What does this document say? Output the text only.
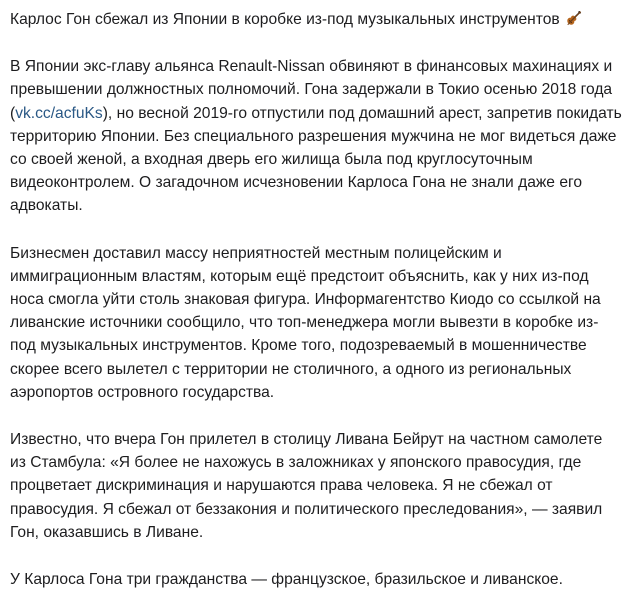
Карлос Гон сбежал из Японии в коробке из-под музыкальных инструментов

В Японии экс-главу альянса Renault-Nissan обвиняют в финансовых махинациях и превышении должностных полномочий. Гона задержали в Токио осенью 2018 года (vk.cc/acfuKs), но весной 2019-го отпустили под домашний арест, запретив покидать территорию Японии. Без специального разрешения мужчина не мог видеться даже со своей женой, а входная дверь его жилища была под круглосуточным видеоконтролем. О загадочном исчезновении Карлоса Гона не знали даже его адвокаты.

Бизнесмен доставил массу неприятностей местным полицейским и иммиграционным властям, которым ещё предстоит объяснить, как у них из-под носа смогла уйти столь знаковая фигура. Информагентство Киодо со ссылкой на ливанские источники сообщило, что топ-менеджера могли вывезти в коробке из-под музыкальных инструментов. Кроме того, подозреваемый в мошенничестве скорее всего вылетел с территории не столичного, а одного из региональных аэропортов островного государства.

Известно, что вчера Гон прилетел в столицу Ливана Бейрут на частном самолете из Стамбула: «Я более не нахожусь в заложниках у японского правосудия, где процветает дискриминация и нарушаются права человека. Я не сбежал от правосудия. Я сбежал от беззакония и политического преследования», — заявил Гон, оказавшись в Ливане.

У Карлоса Гона три гражданства — французское, бразильское и ливанское.
